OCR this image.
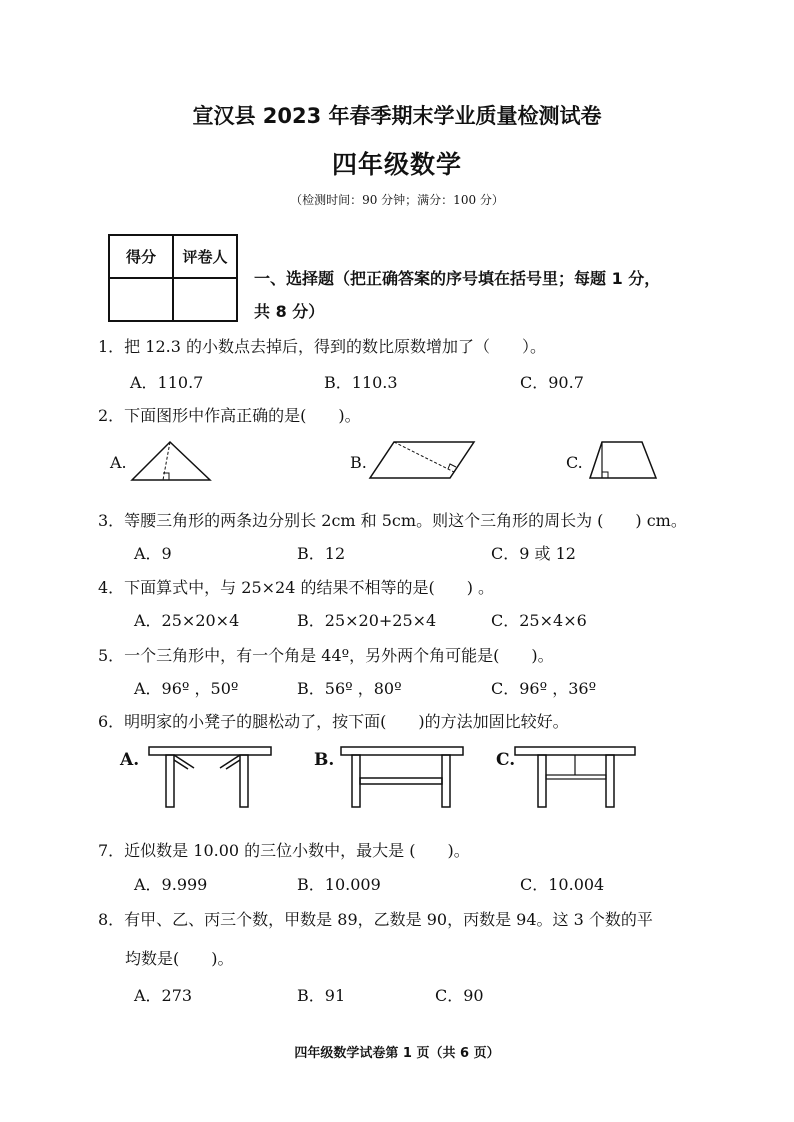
宣汉县 2023 年春季期末学业质量检测试卷
四年级数学
（检测时间：90 分钟；满分：100 分）
得分	评卷人

一、选择题（把正确答案的序号填在括号里；每题 1 分，
共 8 分）
1．把 12.3 的小数点去掉后，得到的数比原数增加了（　　）。
A．110.7	B．110.3	C．90.7
2．下面图形中作高正确的是(　　)。
A.	B.	C.
3．等腰三角形的两条边分别长 2cm 和 5cm。则这个三角形的周长为 (　　) cm。
A．9	B．12	C．9 或 12
4．下面算式中，与 25×24 的结果不相等的是(　　) 。
A．25×20×4	B．25×20+25×4	C．25×4×6
5．一个三角形中，有一个角是 44º，另外两个角可能是(　　)。
A．96º ，50º	B．56º ，80º	C．96º ，36º
6．明明家的小凳子的腿松动了，按下面(　　)的方法加固比较好。
A.	B.	C.
7．近似数是 10.00 的三位小数中，最大是 (　　)。
A．9.999	B．10.009	C．10.004
8．有甲、乙、丙三个数，甲数是 89，乙数是 90，丙数是 94。这 3 个数的平
均数是(　　)。
A．273	B．91	C．90
四年级数学试卷第 1 页（共 6 页）
